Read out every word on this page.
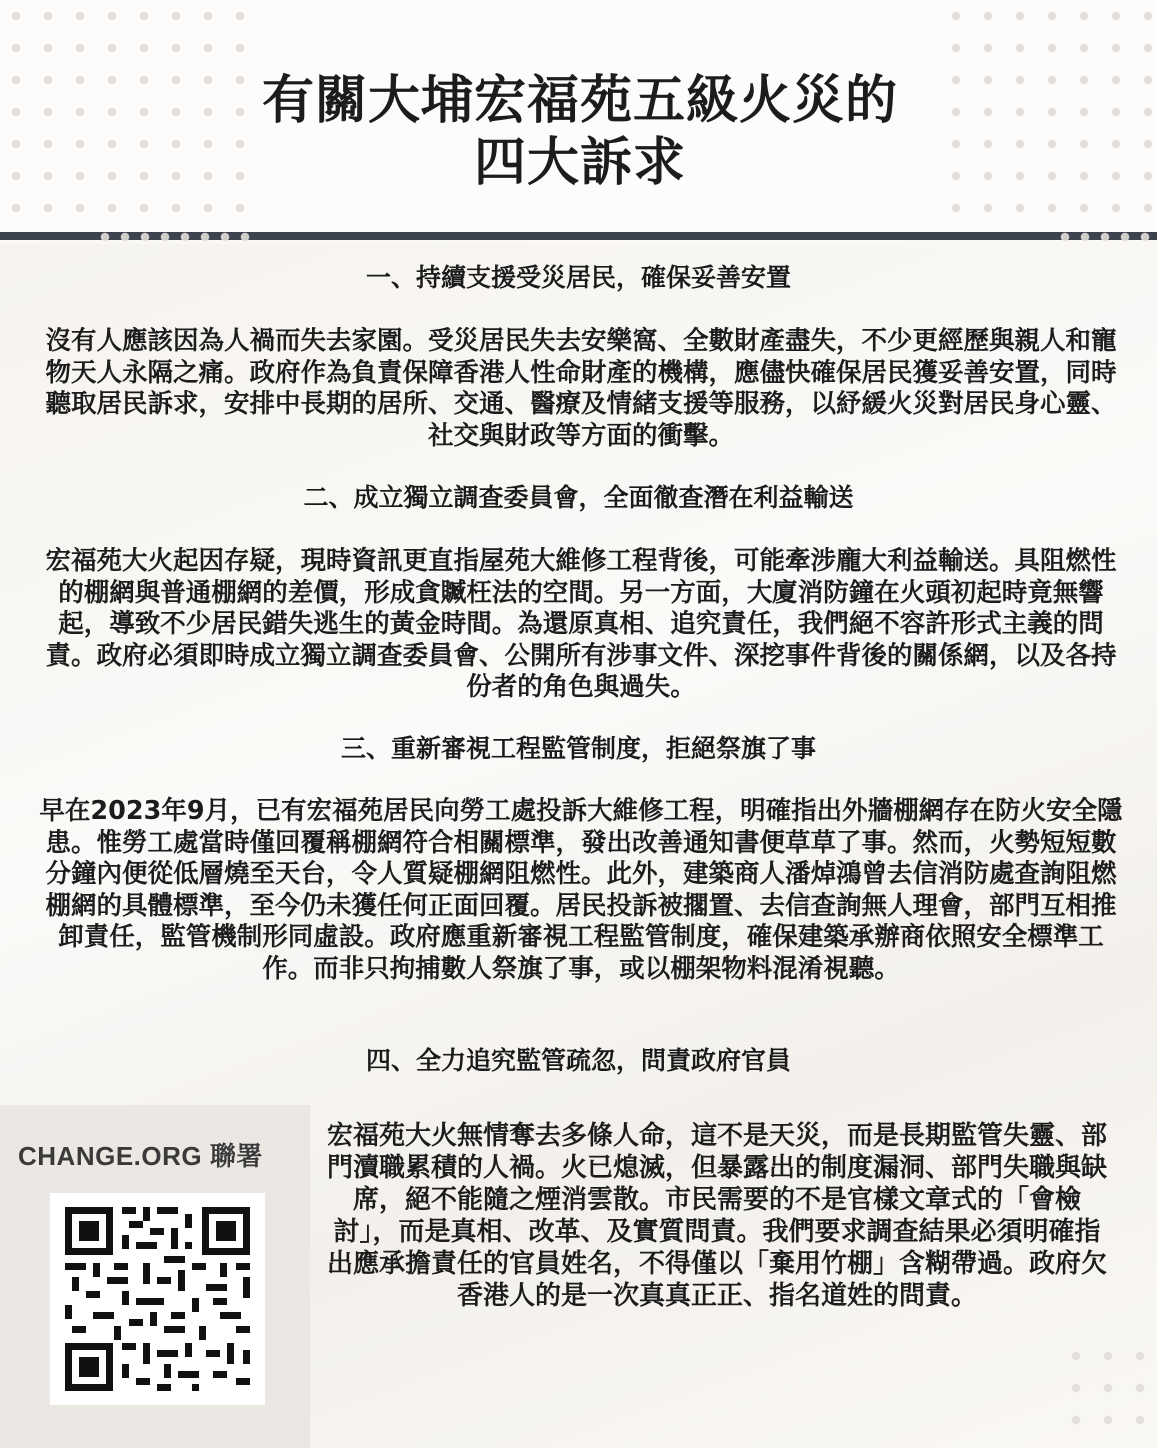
有關大埔宏福苑五級火災的
四大訴求
一、持續支援受災居民，確保妥善安置
沒有人應該因為人禍而失去家園。受災居民失去安樂窩、全數財產盡失，不少更經歷與親人和寵物天人永隔之痛。政府作為負責保障香港人性命財產的機構，應儘快確保居民獲妥善安置，同時聽取居民訴求，安排中長期的居所、交通、醫療及情緒支援等服務，以紓緩火災對居民身心靈、社交與財政等方面的衝擊。
二、成立獨立調查委員會，全面徹查潛在利益輸送
宏福苑大火起因存疑，現時資訊更直指屋苑大維修工程背後，可能牽涉龐大利益輸送。具阻燃性的棚網與普通棚網的差價，形成貪贓枉法的空間。另一方面，大廈消防鐘在火頭初起時竟無響起，導致不少居民錯失逃生的黃金時間。為還原真相、追究責任，我們絕不容許形式主義的問責。政府必須即時成立獨立調查委員會、公開所有涉事文件、深挖事件背後的關係網，以及各持份者的角色與過失。
三、重新審視工程監管制度，拒絕祭旗了事
早在2023年9月，已有宏福苑居民向勞工處投訴大維修工程，明確指出外牆棚網存在防火安全隱患。惟勞工處當時僅回覆稱棚網符合相關標準，發出改善通知書便草草了事。然而，火勢短短數分鐘內便從低層燒至天台，令人質疑棚網阻燃性。此外，建築商人潘焯鴻曾去信消防處查詢阻燃棚網的具體標準，至今仍未獲任何正面回覆。居民投訴被擱置、去信查詢無人理會，部門互相推卸責任，監管機制形同虛設。政府應重新審視工程監管制度，確保建築承辦商依照安全標準工作。而非只拘捕數人祭旗了事，或以棚架物料混淆視聽。
四、全力追究監管疏忽，問責政府官員
CHANGE.ORG 聯署
宏福苑大火無情奪去多條人命，這不是天災，而是長期監管失靈、部門瀆職累積的人禍。火已熄滅，但暴露出的制度漏洞、部門失職與缺席，絕不能隨之煙消雲散。市民需要的不是官樣文章式的「會檢討」，而是真相、改革、及實質問責。我們要求調查結果必須明確指出應承擔責任的官員姓名，不得僅以「棄用竹棚」含糊帶過。政府欠香港人的是一次真真正正、指名道姓的問責。
